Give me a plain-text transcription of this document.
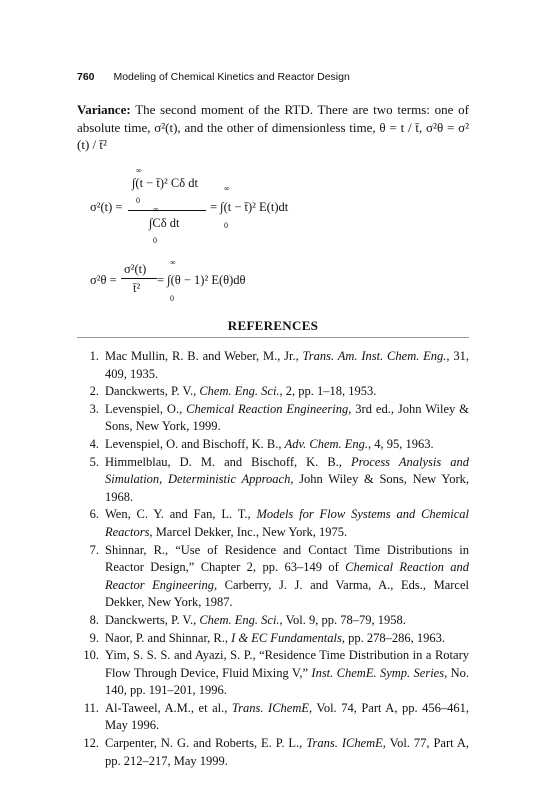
760 Modeling of Chemical Kinetics and Reactor Design
Variance: The second moment of the RTD. There are two terms: one of absolute time, σ²(t), and the other of dimensionless time, θ = t / t̄, σ²θ = σ² (t) / t̄²
σ²(t) =
∞
∫(t − t̄)² Cδ dt
0
∞
∫Cδ dt
0
∞
= ∫(t − t̄)² E(t)dt
0
σ²θ =
σ²(t)
t̄²
∞
= ∫(θ − 1)² E(θ)dθ
0
REFERENCES
1. Mac Mullin, R. B. and Weber, M., Jr., Trans. Am. Inst. Chem. Eng., 31, 409, 1935.
2. Danckwerts, P. V., Chem. Eng. Sci., 2, pp. 1–18, 1953.
3. Levenspiel, O., Chemical Reaction Engineering, 3rd ed., John Wiley & Sons, New York, 1999.
4. Levenspiel, O. and Bischoff, K. B., Adv. Chem. Eng., 4, 95, 1963.
5. Himmelblau, D. M. and Bischoff, K. B., Process Analysis and Simulation, Deterministic Approach, John Wiley & Sons, New York, 1968.
6. Wen, C. Y. and Fan, L. T., Models for Flow Systems and Chemical Reactors, Marcel Dekker, Inc., New York, 1975.
7. Shinnar, R., “Use of Residence and Contact Time Distributions in Reactor Design,” Chapter 2, pp. 63–149 of Chemical Reaction and Reactor Engineering, Carberry, J. J. and Varma, A., Eds., Marcel Dekker, New York, 1987.
8. Danckwerts, P. V., Chem. Eng. Sci., Vol. 9, pp. 78–79, 1958.
9. Naor, P. and Shinnar, R., I & EC Fundamentals, pp. 278–286, 1963.
10. Yim, S. S. S. and Ayazi, S. P., “Residence Time Distribution in a Rotary Flow Through Device, Fluid Mixing V,” Inst. ChemE. Symp. Series, No. 140, pp. 191–201, 1996.
11. Al-Taweel, A.M., et al., Trans. IChemE, Vol. 74, Part A, pp. 456–461, May 1996.
12. Carpenter, N. G. and Roberts, E. P. L., Trans. IChemE, Vol. 77, Part A, pp. 212–217, May 1999.
